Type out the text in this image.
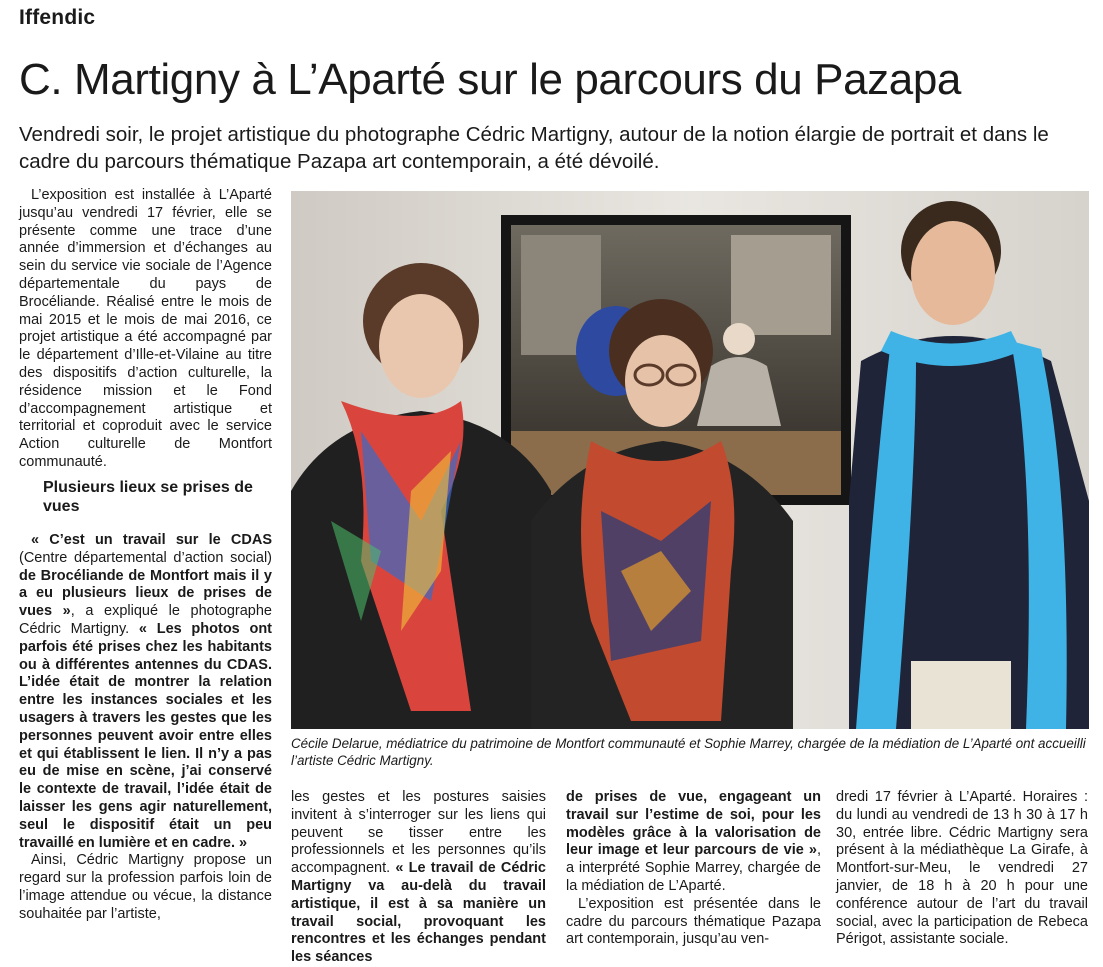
Iffendic
C. Martigny à L’Aparté sur le parcours du Pazapa
Vendredi soir, le projet artistique du photographe Cédric Martigny, autour de la notion élargie de portrait et dans le cadre du parcours thématique Pazapa art contemporain, a été dévoilé.

L’exposition est installée à L’Aparté jusqu’au vendredi 17 février, elle se présente comme une trace d’une année d’immersion et d’échanges au sein du service vie sociale de l’Agence départementale du pays de Brocéliande. Réalisé entre le mois de mai 2015 et le mois de mai 2016, ce projet artistique a été accompagné par le département d’Ille-et-Vilaine au titre des dispositifs d’action culturelle, la résidence mission et le Fond d’accompagnement artistique et territorial et coproduit avec le service Action culturelle de Montfort communauté.

Plusieurs lieux se prises de vues

« C’est un travail sur le CDAS (Centre départemental d’action social) de Brocéliande de Montfort mais il y a eu plusieurs lieux de prises de vues », a expliqué le photographe Cédric Martigny. « Les photos ont parfois été prises chez les habitants ou à différentes antennes du CDAS. L’idée était de montrer la relation entre les instances sociales et les usagers à travers les gestes que les personnes peuvent avoir entre elles et qui établissent le lien. Il n’y a pas eu de mise en scène, j’ai conservé le contexte de travail, l’idée était de laisser les gens agir naturellement, seul le dispositif était un peu travaillé en lumière et en cadre. »

Ainsi, Cédric Martigny propose un regard sur la profession parfois loin de l’image attendue ou vécue, la distance souhaitée par l’artiste,

Cécile Delarue, médiatrice du patrimoine de Montfort communauté et Sophie Marrey, chargée de la médiation de L’Aparté ont accueilli l’artiste Cédric Martigny.

les gestes et les postures saisies invitent à s’interroger sur les liens qui peuvent se tisser entre les professionnels et les personnes qu’ils accompagnent. « Le travail de Cédric Martigny va au-delà du travail artistique, il est à sa manière un travail social, provoquant les rencontres et les échanges pendant les séances

de prises de vue, engageant un travail sur l’estime de soi, pour les modèles grâce à la valorisation de leur image et leur parcours de vie », a interprété Sophie Marrey, chargée de la médiation de L’Aparté.

L’exposition est présentée dans le cadre du parcours thématique Pazapa art contemporain, jusqu’au ven-

dredi 17 février à L’Aparté. Horaires : du lundi au vendredi de 13 h 30 à 17 h 30, entrée libre. Cédric Martigny sera présent à la médiathèque La Girafe, à Montfort-sur-Meu, le vendredi 27 janvier, de 18 h à 20 h pour une conférence autour de l’art du travail social, avec la participation de Rebeca Périgot, assistante sociale.
